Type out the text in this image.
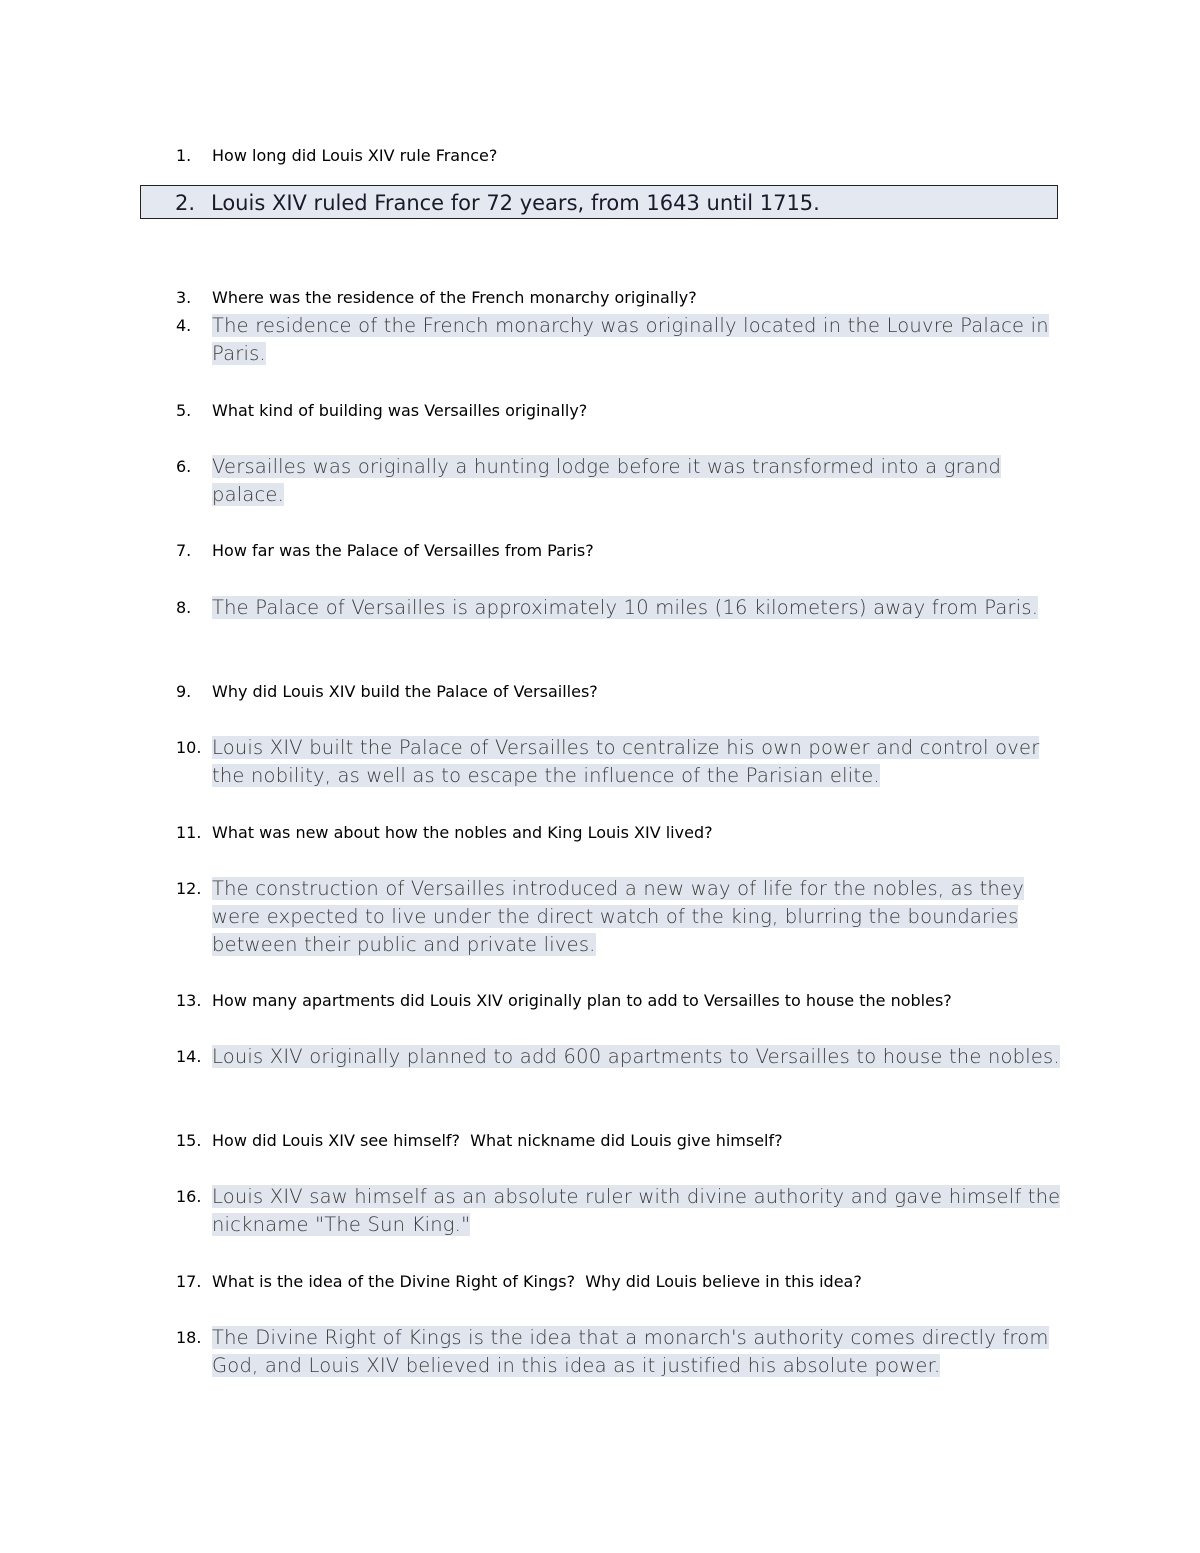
1.	How long did Louis XIV rule France?
2. Louis XIV ruled France for 72 years, from 1643 until 1715.
3.	Where was the residence of the French monarchy originally?
4.	The residence of the French monarchy was originally located in the Louvre Palace in Paris.
5.	What kind of building was Versailles originally?
6.	Versailles was originally a hunting lodge before it was transformed into a grand palace.
7.	How far was the Palace of Versailles from Paris?
8.	The Palace of Versailles is approximately 10 miles (16 kilometers) away from Paris.
9.	Why did Louis XIV build the Palace of Versailles?
10. Louis XIV built the Palace of Versailles to centralize his own power and control over the nobility, as well as to escape the influence of the Parisian elite.
11. What was new about how the nobles and King Louis XIV lived?
12. The construction of Versailles introduced a new way of life for the nobles, as they were expected to live under the direct watch of the king, blurring the boundaries between their public and private lives.
13. How many apartments did Louis XIV originally plan to add to Versailles to house the nobles?
14. Louis XIV originally planned to add 600 apartments to Versailles to house the nobles.
15. How did Louis XIV see himself?  What nickname did Louis give himself?
16. Louis XIV saw himself as an absolute ruler with divine authority and gave himself the nickname "The Sun King."
17. What is the idea of the Divine Right of Kings?  Why did Louis believe in this idea?
18. The Divine Right of Kings is the idea that a monarch's authority comes directly from God, and Louis XIV believed in this idea as it justified his absolute power.
